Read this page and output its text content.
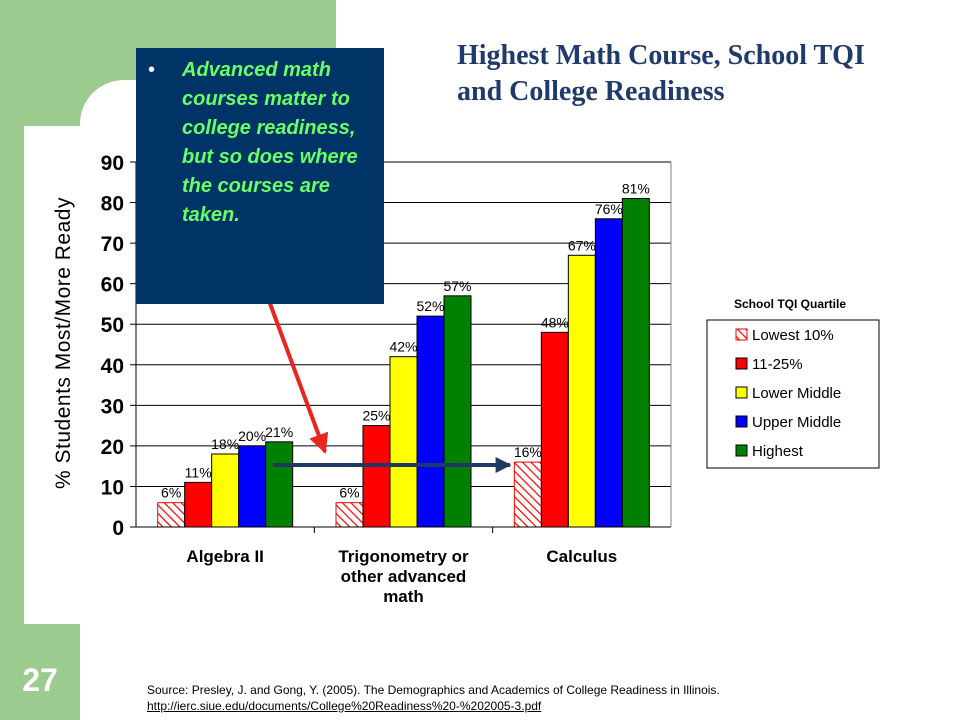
27
Highest Math Course, School TQI and College Readiness
% Students Most/More Ready
6%
11%
18%
20%
21%
6%
25%
42%
52%
57%
16%
48%
67%
76%
81%
0
10
20
30
40
50
60
70
80
90
Algebra II	Trigonometry or
other advanced
math
Calculus
School TQI Quartile
Lowest 10%
11-25%
Lower Middle
Upper Middle
Highest
• Advanced math courses matter to college readiness, but so does where the courses are taken.

Source: Presley, J. and Gong, Y. (2005). The Demographics and Academics of College Readiness in Illinois.
http://ierc.siue.edu/documents/College%20Readiness%20-%202005-3.pdf
